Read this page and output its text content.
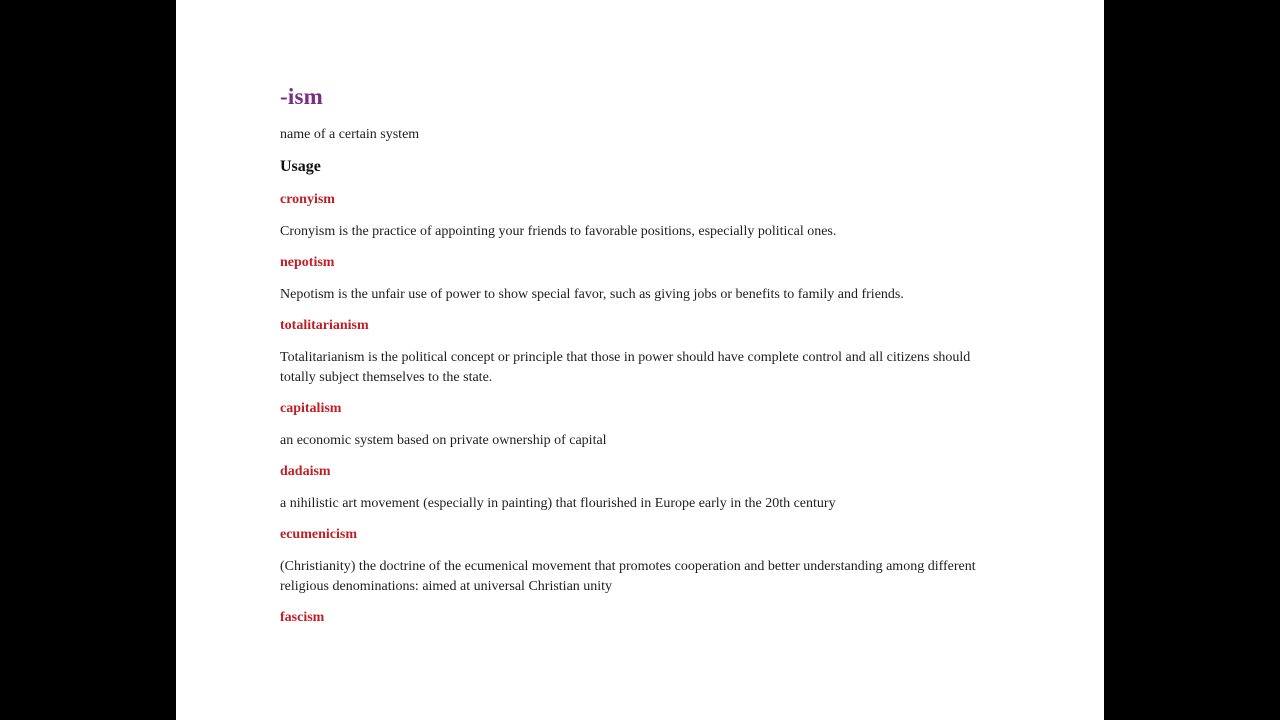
-ism

name of a certain system

Usage
cronyism

Cronyism is the practice of appointing your friends to favorable positions, especially political ones.

nepotism

Nepotism is the unfair use of power to show special favor, such as giving jobs or benefits to family and friends.

totalitarianism

Totalitarianism is the political concept or principle that those in power should have complete control and all citizens should totally subject themselves to the state.

capitalism

an economic system based on private ownership of capital

dadaism

a nihilistic art movement (especially in painting) that flourished in Europe early in the 20th century

ecumenicism

(Christianity) the doctrine of the ecumenical movement that promotes cooperation and better understanding among different religious denominations: aimed at universal Christian unity

fascism
